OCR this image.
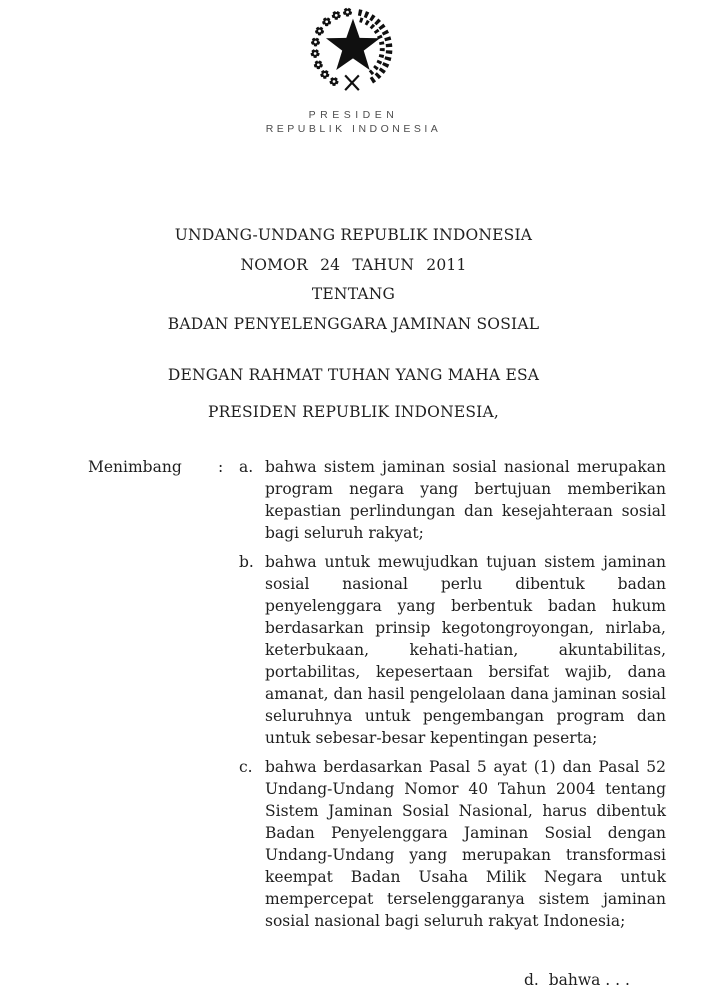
PRESIDEN
REPUBLIK INDONESIA
UNDANG-UNDANG REPUBLIK INDONESIA
NOMOR 24 TAHUN 2011
TENTANG
BADAN PENYELENGGARA JAMINAN SOSIAL
DENGAN RAHMAT TUHAN YANG MAHA ESA
PRESIDEN REPUBLIK INDONESIA,
Menimbang	:	a. bahwa sistem jaminan sosial nasional merupakan program negara yang bertujuan memberikan kepastian perlindungan dan kesejahteraan sosial bagi seluruh rakyat;

b. bahwa untuk mewujudkan tujuan sistem jaminan sosial nasional perlu dibentuk badan penyelenggara yang berbentuk badan hukum berdasarkan prinsip kegotongroyongan, nirlaba, keterbukaan, kehati-hatian, akuntabilitas, portabilitas, kepesertaan bersifat wajib, dana amanat, dan hasil pengelolaan dana jaminan sosial seluruhnya untuk pengembangan program dan untuk sebesar-besar kepentingan peserta;

c. bahwa berdasarkan Pasal 5 ayat (1) dan Pasal 52 Undang-Undang Nomor 40 Tahun 2004 tentang Sistem Jaminan Sosial Nasional, harus dibentuk Badan Penyelenggara Jaminan Sosial dengan Undang-Undang yang merupakan transformasi keempat Badan Usaha Milik Negara untuk mempercepat terselenggaranya sistem jaminan sosial nasional bagi seluruh rakyat Indonesia;

d.  bahwa . . .
